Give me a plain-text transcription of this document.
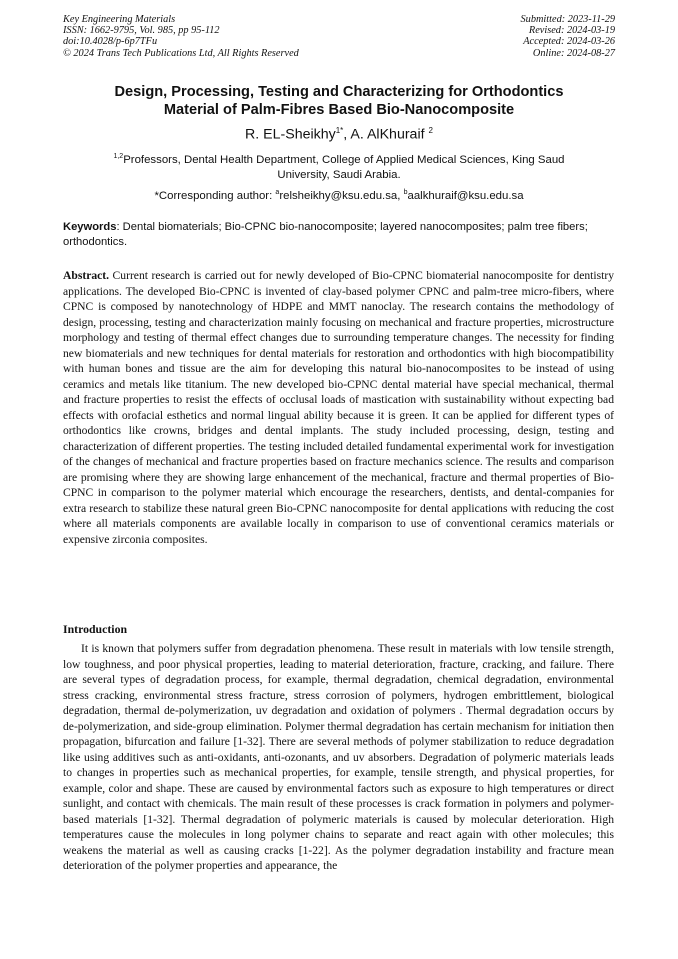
Key Engineering Materials
ISSN: 1662-9795, Vol. 985, pp 95-112
doi:10.4028/p-6p7TFu
© 2024 Trans Tech Publications Ltd, All Rights Reserved
Submitted: 2023-11-29
Revised: 2024-03-19
Accepted: 2024-03-26
Online: 2024-08-27
Design, Processing, Testing and Characterizing for Orthodontics
Material of Palm-Fibres Based Bio-Nanocomposite
R. EL-Sheikhy$^{1*}$, A. AlKhuraif $^2$
$^{1,2}$Professors, Dental Health Department, College of Applied Medical Sciences, King Saud University, Saudi Arabia.
*Corresponding author: $^a$relsheikhy@ksu.edu.sa, $^b$aalkhuraif@ksu.edu.sa
Keywords: Dental biomaterials; Bio-CPNC bio-nanocomposite; layered nanocomposites; palm tree fibers; orthodontics.
Abstract. Current research is carried out for newly developed of Bio-CPNC biomaterial nanocomposite for dentistry applications. The developed Bio-CPNC is invented of clay-based polymer CPNC and palm-tree micro-fibers, where CPNC is composed by nanotechnology of HDPE and MMT nanoclay. The research contains the methodology of design, processing, testing and characterization mainly focusing on mechanical and fracture properties, microstructure morphology and testing of thermal effect changes due to surrounding temperature changes. The necessity for finding new biomaterials and new techniques for dental materials for restoration and orthodontics with high biocompatibility with human bones and tissue are the aim for developing this natural bio-nanocomposites to be instead of using ceramics and metals like titanium. The new developed bio-CPNC dental material have special mechanical, thermal and fracture properties to resist the effects of occlusal loads of mastication with sustainability without expecting bad effects with orofacial esthetics and normal lingual ability because it is green. It can be applied for different types of orthodontics like crowns, bridges and dental implants. The study included processing, design, testing and characterization of different properties. The testing included detailed fundamental experimental work for investigation of the changes of mechanical and fracture properties based on fracture mechanics science. The results and comparison are promising where they are showing large enhancement of the mechanical, fracture and thermal properties of Bio-CPNC in comparison to the polymer material which encourage the researchers, dentists, and dental-companies for extra research to stabilize these natural green Bio-CPNC nanocomposite for dental applications with reducing the cost where all materials components are available locally in comparison to use of conventional ceramics materials or expensive zirconia composites.
Introduction
It is known that polymers suffer from degradation phenomena. These result in materials with low tensile strength, low toughness, and poor physical properties, leading to material deterioration, fracture, cracking, and failure. There are several types of degradation process, for example, thermal degradation, chemical degradation, environmental stress cracking, environmental stress fracture, stress corrosion of polymers, hydrogen embrittlement, biological degradation, thermal de-polymerization, uv degradation and oxidation of polymers . Thermal degradation occurs by de-polymerization, and side-group elimination. Polymer thermal degradation has certain mechanism for initiation then propagation, bifurcation and failure [1-32]. There are several methods of polymer stabilization to reduce degradation like using additives such as anti-oxidants, anti-ozonants, and uv absorbers. Degradation of polymeric materials leads to changes in properties such as mechanical properties, for example, tensile strength, and physical properties, for example, color and shape. These are caused by environmental factors such as exposure to high temperatures or direct sunlight, and contact with chemicals. The main result of these processes is crack formation in polymers and polymer-based materials [1-32]. Thermal degradation of polymeric materials is caused by molecular deterioration. High temperatures cause the molecules in long polymer chains to separate and react again with other molecules; this weakens the material as well as causing cracks [1-22]. As the polymer degradation instability and fracture mean deterioration of the polymer properties and appearance, the
